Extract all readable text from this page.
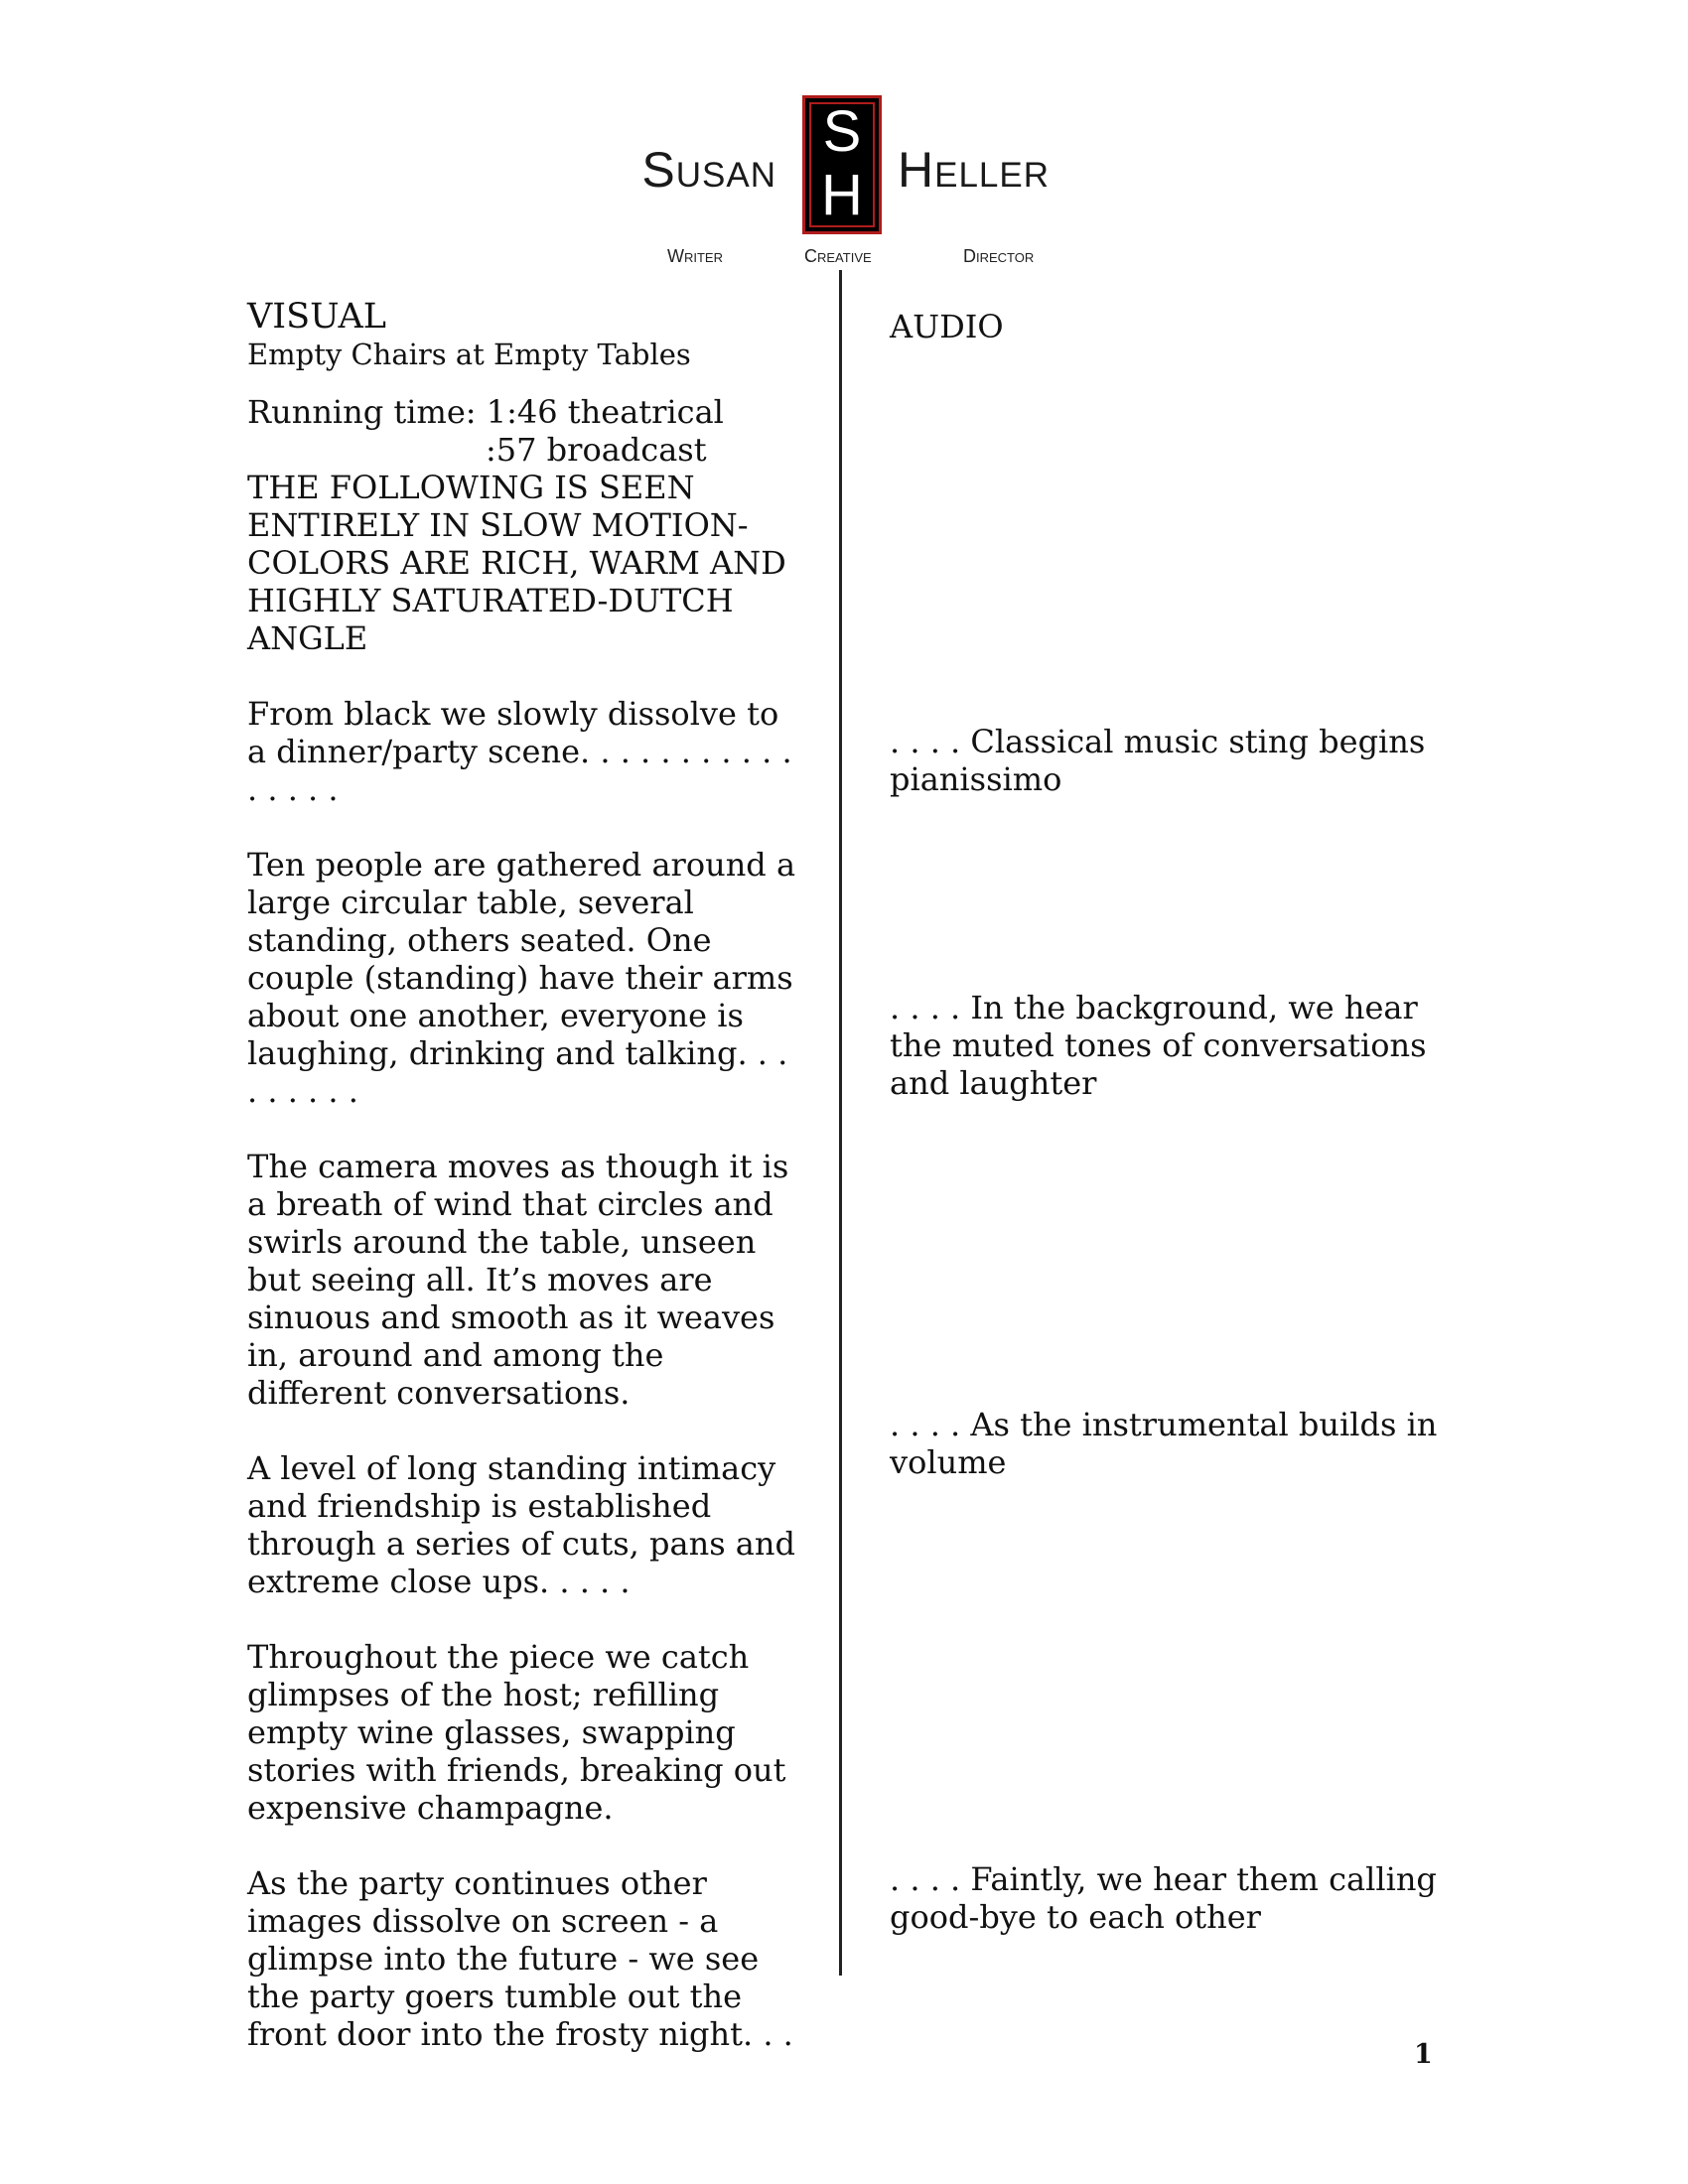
Susan
S
H Heller
Writer	Creative	Director

VISUAL

Empty Chairs at Empty Tables

Running time: 1:46 theatrical

:57 broadcast

THE FOLLOWING IS SEEN ENTIRELY IN SLOW MOTION- COLORS ARE RICH, WARM AND HIGHLY SATURATED-DUTCH ANGLE

From black we slowly dissolve to a dinner/party scene. . . . . . . . . . . . . . . .

Ten people are gathered around a large circular table, several standing, others seated. One couple (standing) have their arms about one another, everyone is laughing, drinking and talking. . . . . . . . .

The camera moves as though it is a breath of wind that circles and swirls around the table, unseen but seeing all. It’s moves are sinuous and smooth as it weaves in, around and among the different conversations.

A level of long standing intimacy and friendship is established through a series of cuts, pans and extreme close ups. . . . .

Throughout the piece we catch glimpses of the host; refilling empty wine glasses, swapping stories with friends, breaking out expensive champagne.

As the party continues other images dissolve on screen - a glimpse into the future - we see the party goers tumble out the front door into the frosty night. . .

AUDIO

. . . . Classical music sting begins pianissimo

. . . . In the background, we hear the muted tones of conversations and laughter

. . . . As the instrumental builds in volume

. . . . Faintly, we hear them calling good-bye to each other

1
